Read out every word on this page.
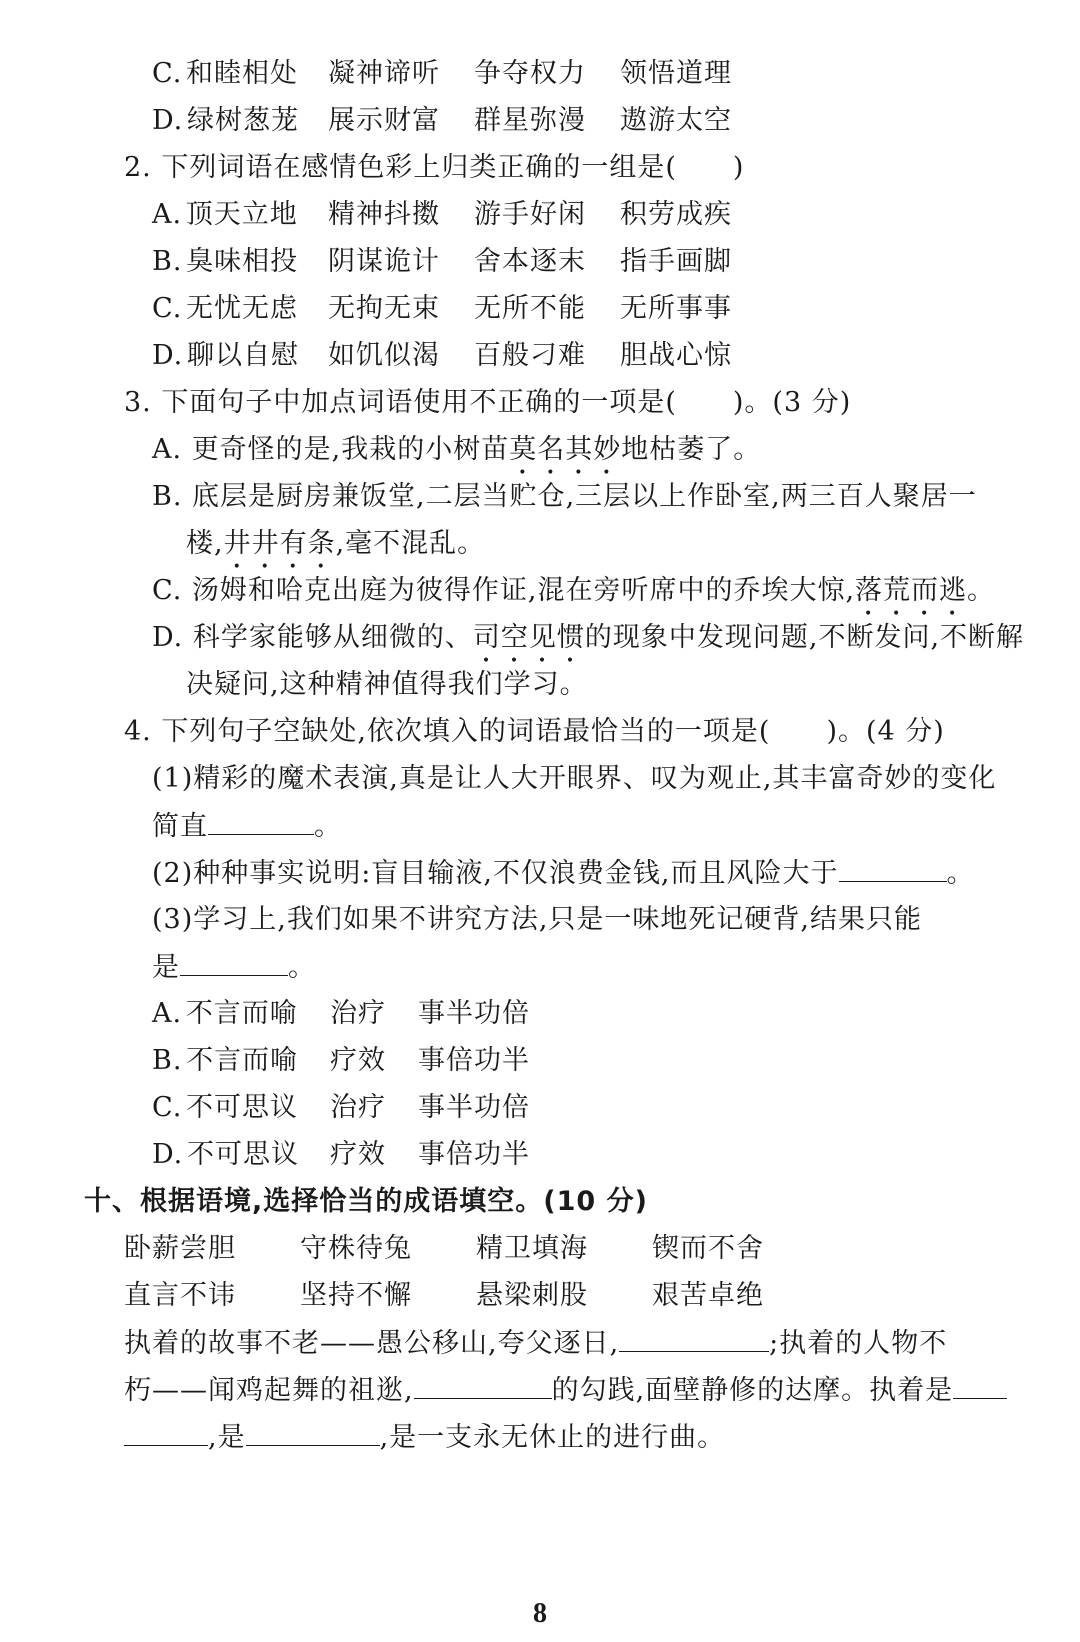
C.  和睦相处 凝神谛听 争夺权力 领悟道理
D.  绿树葱茏 展示财富 群星弥漫 遨游太空
2. 下列词语在感情色彩上归类正确的一组是(　　)
A.  顶天立地 精神抖擞 游手好闲 积劳成疾
B.  臭味相投 阴谋诡计 舍本逐末 指手画脚
C.  无忧无虑 无拘无束 无所不能 无所事事
D.  聊以自慰 如饥似渴 百般刁难 胆战心惊
3. 下面句子中加点词语使用不正确的一项是(　　)。(3 分)
A. 更奇怪的是,我栽的小树苗莫名其妙地枯萎了。
B. 底层是厨房兼饭堂,二层当贮仓,三层以上作卧室,两三百人聚居一
楼,井井有条,毫不混乱。
C. 汤姆和哈克出庭为彼得作证,混在旁听席中的乔埃大惊,落荒而逃。
D. 科学家能够从细微的、司空见惯的现象中发现问题,不断发问,不断解
决疑问,这种精神值得我们学习。
4. 下列句子空缺处,依次填入的词语最恰当的一项是(　　)。(4 分)
(1)精彩的魔术表演,真是让人大开眼界、叹为观止,其丰富奇妙的变化
简直	。
(2)种种事实说明:盲目输液,不仅浪费金钱,而且风险大于	。
(3)学习上,我们如果不讲究方法,只是一味地死记硬背,结果只能
是	。
A.  不言而喻 治疗 事半功倍
B.  不言而喻 疗效 事倍功半
C.  不可思议 治疗 事半功倍
D.  不可思议 疗效 事倍功半
十、根据语境,选择恰当的成语填空。(10 分)
卧薪尝胆 守株待兔 精卫填海 锲而不舍
直言不讳 坚持不懈 悬梁刺股 艰苦卓绝
执着的故事不老——愚公移山,夸父逐日,	;执着的人物不
朽——闻鸡起舞的祖逖,	的勾践,面壁静修的达摩。执着是
,是	,是一支永无休止的进行曲。
8
